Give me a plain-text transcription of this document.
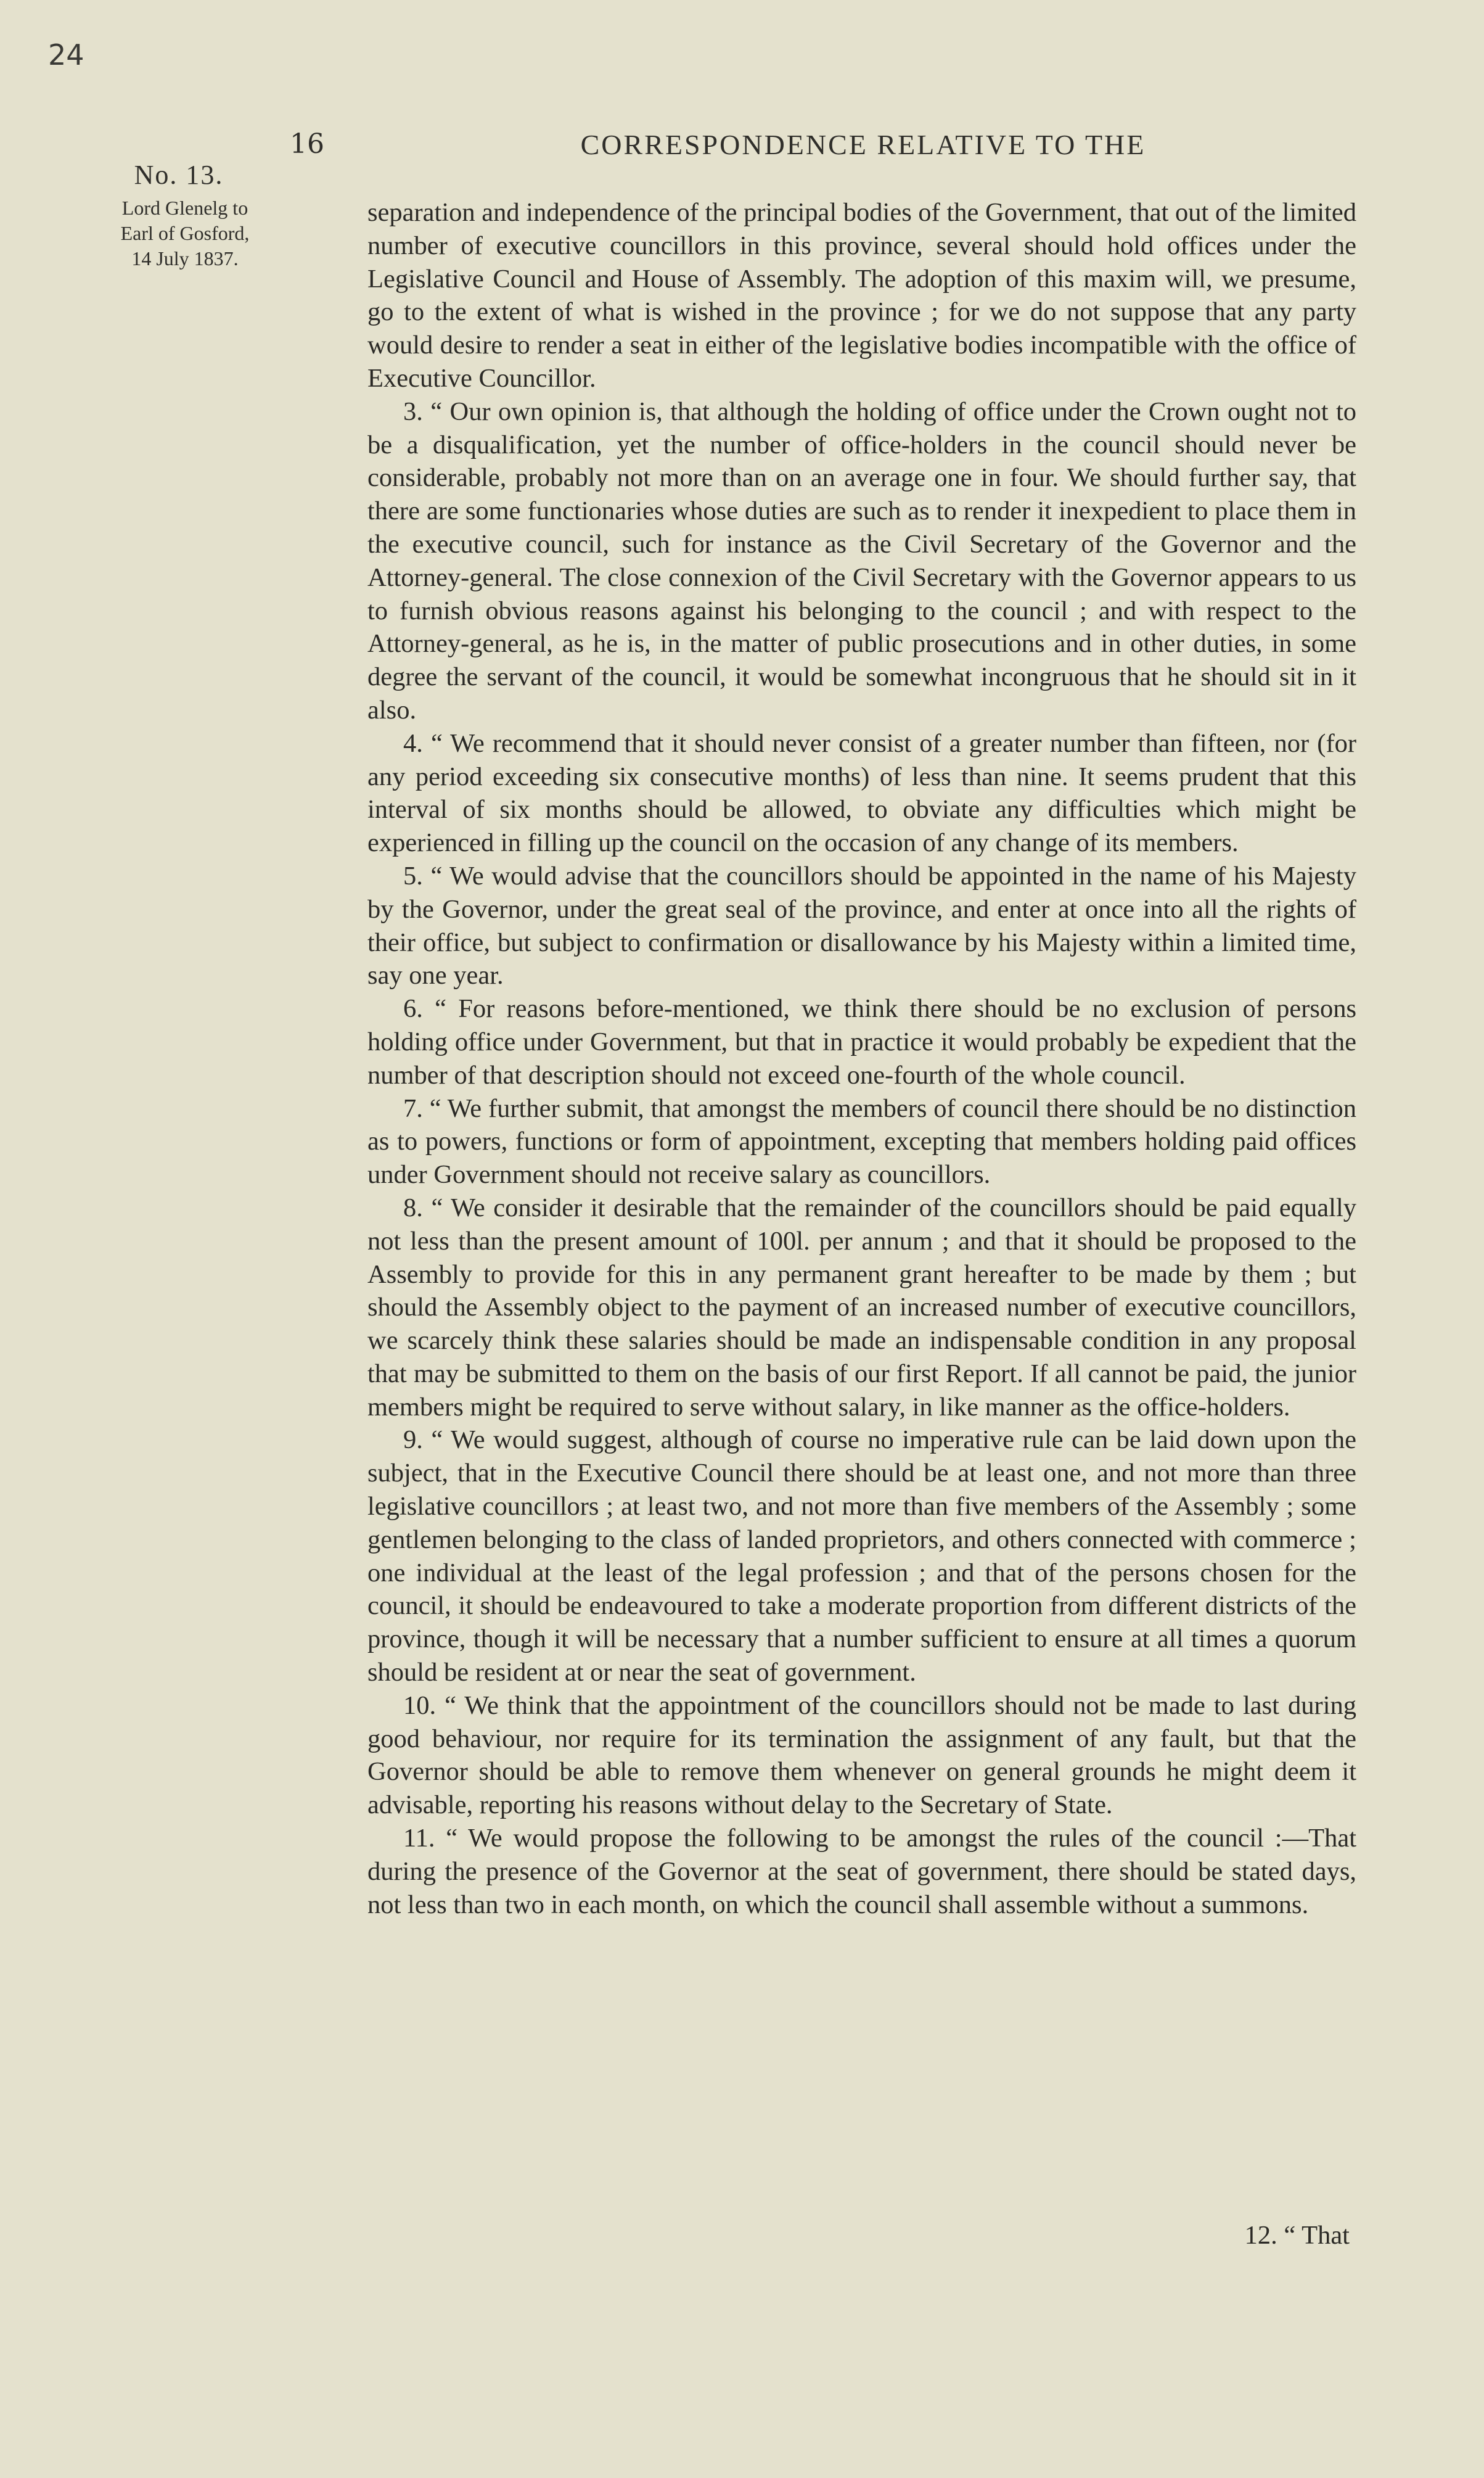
24
16	CORRESPONDENCE RELATIVE TO THE
No. 13.
Lord Glenelg to
Earl of Gosford,
14 July 1837.

separation and independence of the principal bodies of the Government, that out of the limited number of executive councillors in this province, several should hold offices under the Legislative Council and House of Assembly. The adoption of this maxim will, we presume, go to the extent of what is wished in the province ; for we do not suppose that any party would desire to render a seat in either of the legislative bodies incompatible with the office of Executive Councillor.

3. “ Our own opinion is, that although the holding of office under the Crown ought not to be a disqualification, yet the number of office-holders in the council should never be considerable, probably not more than on an average one in four. We should further say, that there are some functionaries whose duties are such as to render it inexpedient to place them in the executive council, such for instance as the Civil Secretary of the Governor and the Attorney-general. The close connexion of the Civil Secretary with the Governor appears to us to furnish obvious reasons against his belonging to the council ; and with respect to the Attorney-general, as he is, in the matter of public prosecutions and in other duties, in some degree the servant of the council, it would be somewhat incongruous that he should sit in it also.

4. “ We recommend that it should never consist of a greater number than fifteen, nor (for any period exceeding six consecutive months) of less than nine. It seems prudent that this interval of six months should be allowed, to obviate any difficulties which might be experienced in filling up the council on the occasion of any change of its members.

5. “ We would advise that the councillors should be appointed in the name of his Majesty by the Governor, under the great seal of the province, and enter at once into all the rights of their office, but subject to confirmation or disallowance by his Majesty within a limited time, say one year.

6. “ For reasons before-mentioned, we think there should be no exclusion of persons holding office under Government, but that in practice it would probably be expedient that the number of that description should not exceed one-fourth of the whole council.

7. “ We further submit, that amongst the members of council there should be no distinction as to powers, functions or form of appointment, excepting that members holding paid offices under Government should not receive salary as councillors.

8. “ We consider it desirable that the remainder of the councillors should be paid equally not less than the present amount of 100l. per annum ; and that it should be proposed to the Assembly to provide for this in any permanent grant hereafter to be made by them ; but should the Assembly object to the payment of an increased number of executive councillors, we scarcely think these salaries should be made an indispensable condition in any proposal that may be submitted to them on the basis of our first Report. If all cannot be paid, the junior members might be required to serve without salary, in like manner as the office-holders.

9. “ We would suggest, although of course no imperative rule can be laid down upon the subject, that in the Executive Council there should be at least one, and not more than three legislative councillors ; at least two, and not more than five members of the Assembly ; some gentlemen belonging to the class of landed proprietors, and others connected with commerce ; one individual at the least of the legal profession ; and that of the persons chosen for the council, it should be endeavoured to take a moderate proportion from different districts of the province, though it will be necessary that a number sufficient to ensure at all times a quorum should be resident at or near the seat of government.

10. “ We think that the appointment of the councillors should not be made to last during good behaviour, nor require for its termination the assignment of any fault, but that the Governor should be able to remove them whenever on general grounds he might deem it advisable, reporting his reasons without delay to the Secretary of State.

11. “ We would propose the following to be amongst the rules of the council :—That during the presence of the Governor at the seat of government, there should be stated days, not less than two in each month, on which the council shall assemble without a summons.

12. “ That
